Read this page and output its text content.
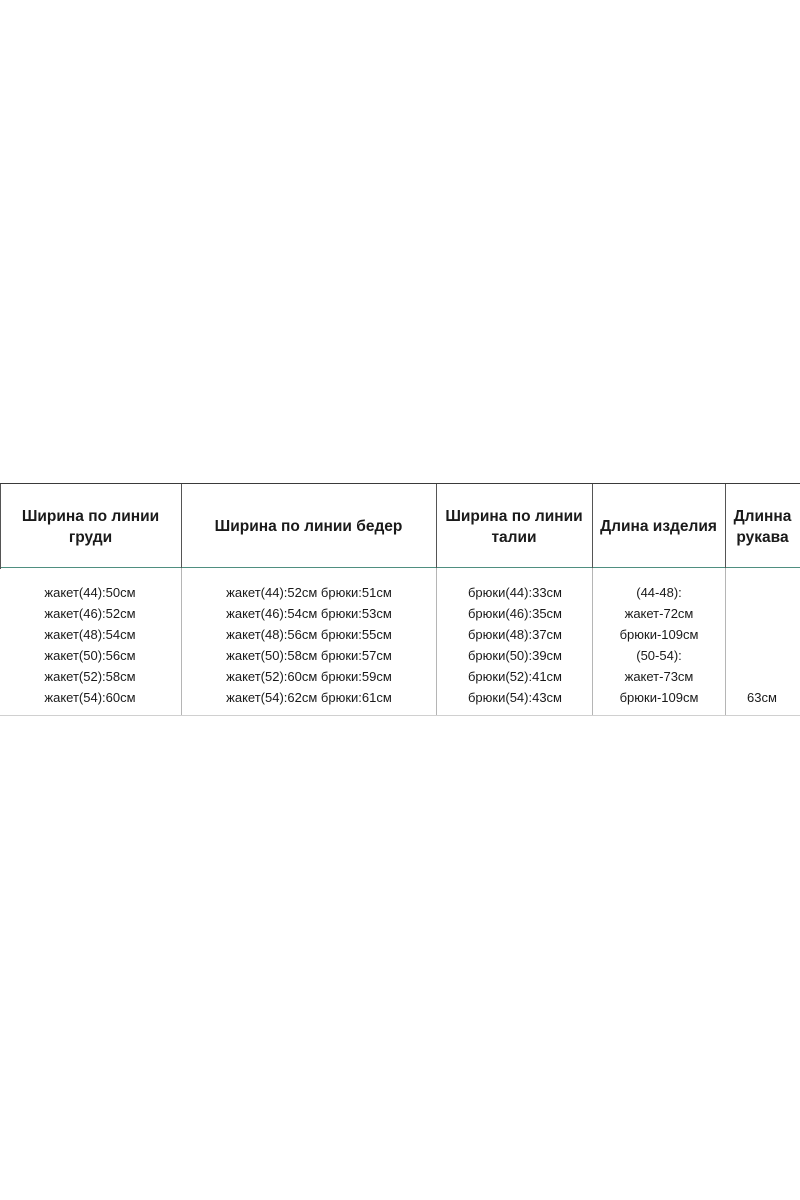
Ширина по линии груди
Ширина по линии бедер
Ширина по линии талии
Длина изделия
Длинна рукава
жакет(44):50см
жакет(46):52см
жакет(48):54см
жакет(50):56см
жакет(52):58см
жакет(54):60см
жакет(44):52см брюки:51см
жакет(46):54см брюки:53см
жакет(48):56см брюки:55см
жакет(50):58см брюки:57см
жакет(52):60см брюки:59см
жакет(54):62см брюки:61см
брюки(44):33см
брюки(46):35см
брюки(48):37см
брюки(50):39см
брюки(52):41см
брюки(54):43см
(44-48):
жакет-72см
брюки-109см
(50-54):
жакет-73см
брюки-109см	63см
